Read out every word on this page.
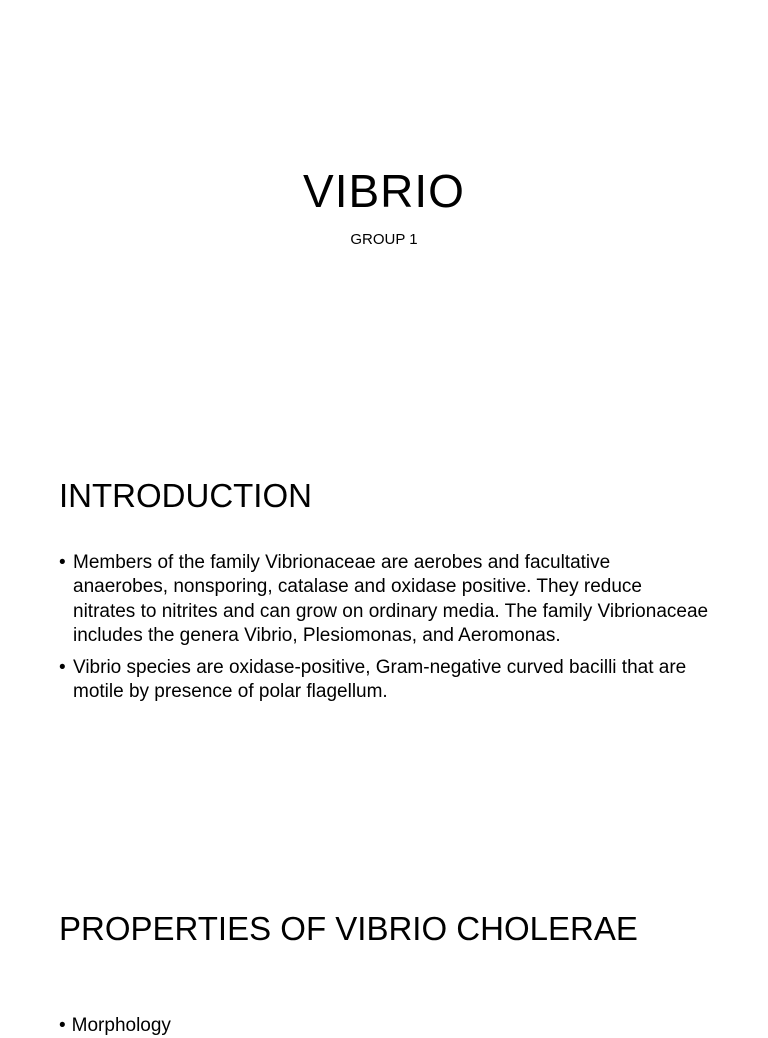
VIBRIO

GROUP 1

INTRODUCTION
• Members of the family Vibrionaceae are aerobes and facultative anaerobes, nonsporing, catalase and oxidase positive. They reduce nitrates to nitrites and can grow on ordinary media. The family Vibrionaceae includes the genera Vibrio, Plesiomonas, and Aeromonas.
• Vibrio species are oxidase-positive, Gram-negative curved bacilli that are motile by presence of polar flagellum.
PROPERTIES OF VIBRIO CHOLERAE
• Morphology
